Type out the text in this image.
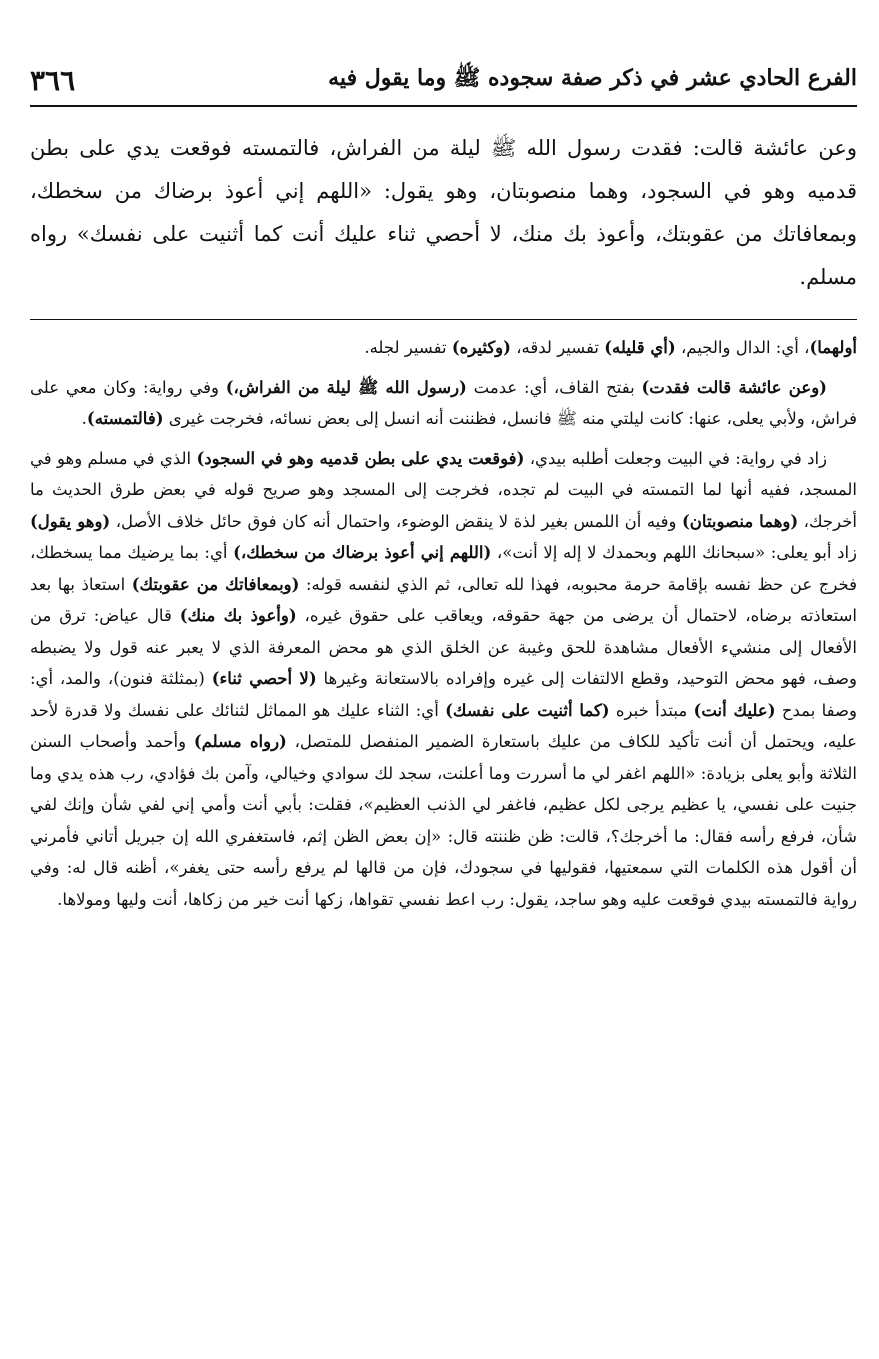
الفرع الحادي عشر في ذكر صفة سجوده ﷺ وما يقول فيه
٣٦٦
وعن عائشة قالت: فقدت رسول الله ﷺ ليلة من الفراش، فالتمسته فوقعت يدي على بطن قدميه وهو في السجود، وهما منصوبتان، وهو يقول: «اللهم إني أعوذ برضاك من سخطك، وبمعافاتك من عقوبتك، وأعوذ بك منك، لا أحصي ثناء عليك أنت كما أثنيت على نفسك» رواه مسلم.

أولهما)، أي: الدال والجيم، (أي قليله) تفسير لدقه، (وكثيره) تفسير لجله.

(وعن عائشة قالت فقدت) بفتح القاف، أي: عدمت (رسول الله ﷺ ليلة من الفراش،) وفي رواية: وكان معي على فراش، ولأبي يعلى، عنها: كانت ليلتي منه ﷺ فانسل، فظننت أنه انسل إلى بعض نسائه، فخرجت غيرى (فالتمسته).

زاد في رواية: في البيت وجعلت أطلبه بيدي، (فوقعت يدي على بطن قدميه وهو في السجود) الذي في مسلم وهو في المسجد، ففيه أنها لما التمسته في البيت لم تجده، فخرجت إلى المسجد وهو صريح قوله في بعض طرق الحديث ما أخرجك، (وهما منصوبتان) وفيه أن اللمس بغير لذة لا ينقض الوضوء، واحتمال أنه كان فوق حائل خلاف الأصل، (وهو يقول) زاد أبو يعلى: «سبحانك اللهم وبحمدك لا إله إلا أنت»، (اللهم إني أعوذ برضاك من سخطك،) أي: بما يرضيك مما يسخطك، فخرج عن حظ نفسه بإقامة حرمة محبوبه، فهذا لله تعالى، ثم الذي لنفسه قوله: (وبمعافاتك من عقوبتك) استعاذ بها بعد استعاذته برضاه، لاحتمال أن يرضى من جهة حقوقه، ويعاقب على حقوق غيره، (وأعوذ بك منك) قال عياض: ترق من الأفعال إلى منشيء الأفعال مشاهدة للحق وغيبة عن الخلق الذي هو محض المعرفة الذي لا يعبر عنه قول ولا يضبطه وصف، فهو محض التوحيد، وقطع الالتفات إلى غيره وإفراده بالاستعانة وغيرها (لا أحصي ثناء) (بمثلثة فنون)، والمد، أي: وصفا بمدح (عليك أنت) مبتدأ خبره (كما أثنيت على نفسك) أي: الثناء عليك هو المماثل لثنائك على نفسك ولا قدرة لأحد عليه، ويحتمل أن أنت تأكيد للكاف من عليك باستعارة الضمير المنفصل للمتصل، (رواه مسلم) وأحمد وأصحاب السنن الثلاثة وأبو يعلى بزيادة: «اللهم اغفر لي ما أسررت وما أعلنت، سجد لك سوادي وخيالي، وآمن بك فؤادي، رب هذه يدي وما جنيت على نفسي، يا عظيم يرجى لكل عظيم، فاغفر لي الذنب العظيم»، فقلت: بأبي أنت وأمي إني لفي شأن وإنك لفي شأن، فرفع رأسه فقال: ما أخرجك؟، قالت: ظن ظننته قال: «إن بعض الظن إثم، فاستغفري الله إن جبريل أتاني فأمرني أن أقول هذه الكلمات التي سمعتيها، فقوليها في سجودك، فإن من قالها لم يرفع رأسه حتى يغفر»، أظنه قال له: وفي رواية فالتمسته بيدي فوقعت عليه وهو ساجد، يقول: رب اعط نفسي تقواها، زكها أنت خير من زكاها، أنت وليها ومولاها.
